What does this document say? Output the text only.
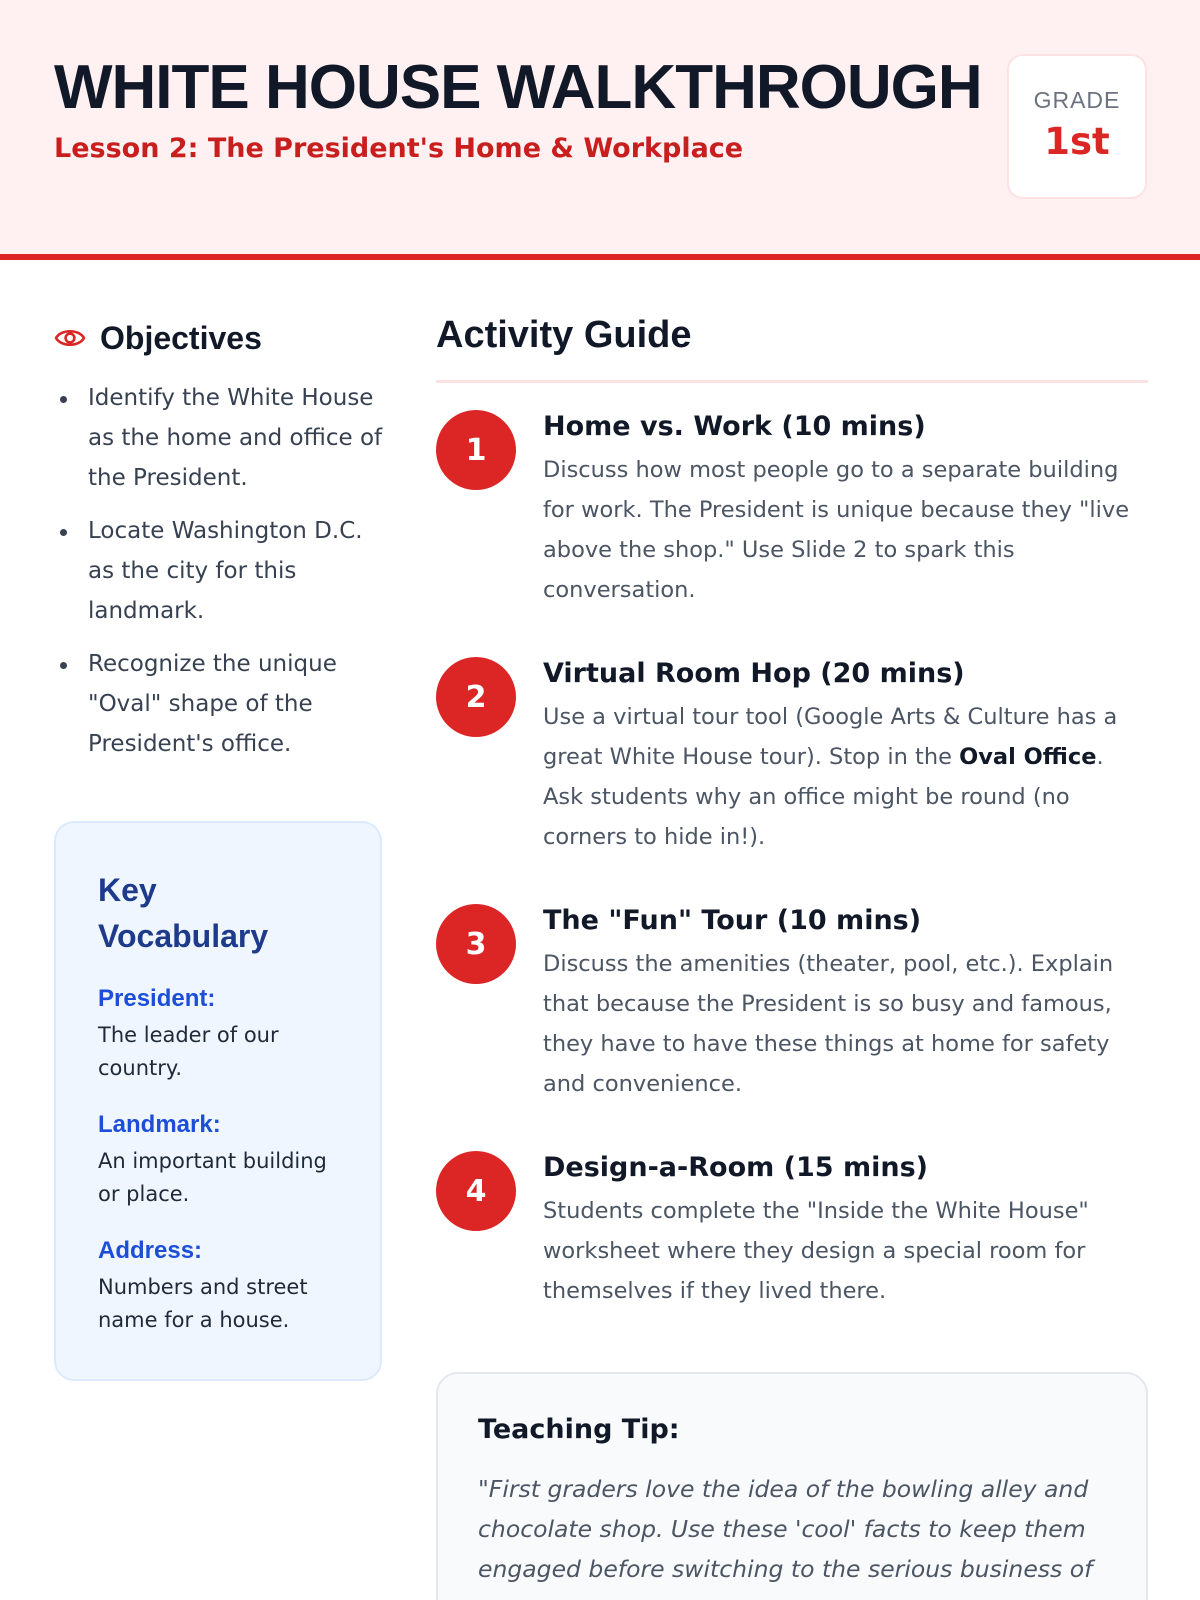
WHITE HOUSE WALKTHROUGH
Lesson 2: The President's Home & Workplace
GRADE
1st
Objectives
Identify the White House as the home and office of the President.
Locate Washington D.C. as the city for this landmark.
Recognize the unique "Oval" shape of the President's office.
Key Vocabulary
President:
The leader of our country.
Landmark:
An important building or place.
Address:
Numbers and street name for a house.
Activity Guide
1
Home vs. Work (10 mins)
Discuss how most people go to a separate building for work. The President is unique because they "live above the shop." Use Slide 2 to spark this conversation.
2
Virtual Room Hop (20 mins)
Use a virtual tour tool (Google Arts & Culture has a great White House tour). Stop in the Oval Office. Ask students why an office might be round (no corners to hide in!).
3
The "Fun" Tour (10 mins)
Discuss the amenities (theater, pool, etc.). Explain that because the President is so busy and famous, they have to have these things at home for safety and convenience.
4
Design-a-Room (15 mins)
Students complete the "Inside the White House" worksheet where they design a special room for themselves if they lived there.
Teaching Tip:
"First graders love the idea of the bowling alley and chocolate shop. Use these 'cool' facts to keep them engaged before switching to the serious business of
